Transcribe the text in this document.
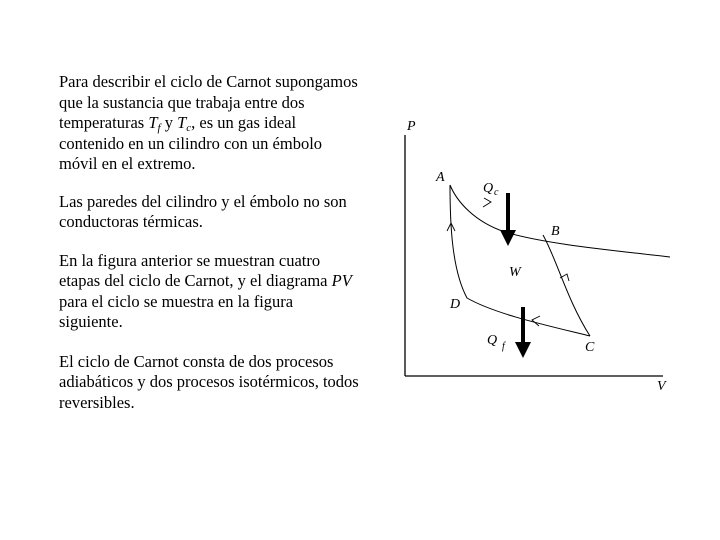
Para describir el ciclo de Carnot supongamos que la sustancia que trabaja entre dos temperaturas $T_f$ y $T_c$, es un gas ideal contenido en un cilindro con un émbolo móvil en el extremo.

Las paredes del cilindro y el émbolo no son conductoras térmicas.

En la figura anterior se muestran cuatro etapas del ciclo de Carnot, y el diagrama PV para el ciclo se muestra en la figura siguiente.

El ciclo de Carnot consta de dos procesos adiabáticos y dos procesos isotérmicos, todos reversibles.

P
V
A
B
C
D
W
Q c
Q f
